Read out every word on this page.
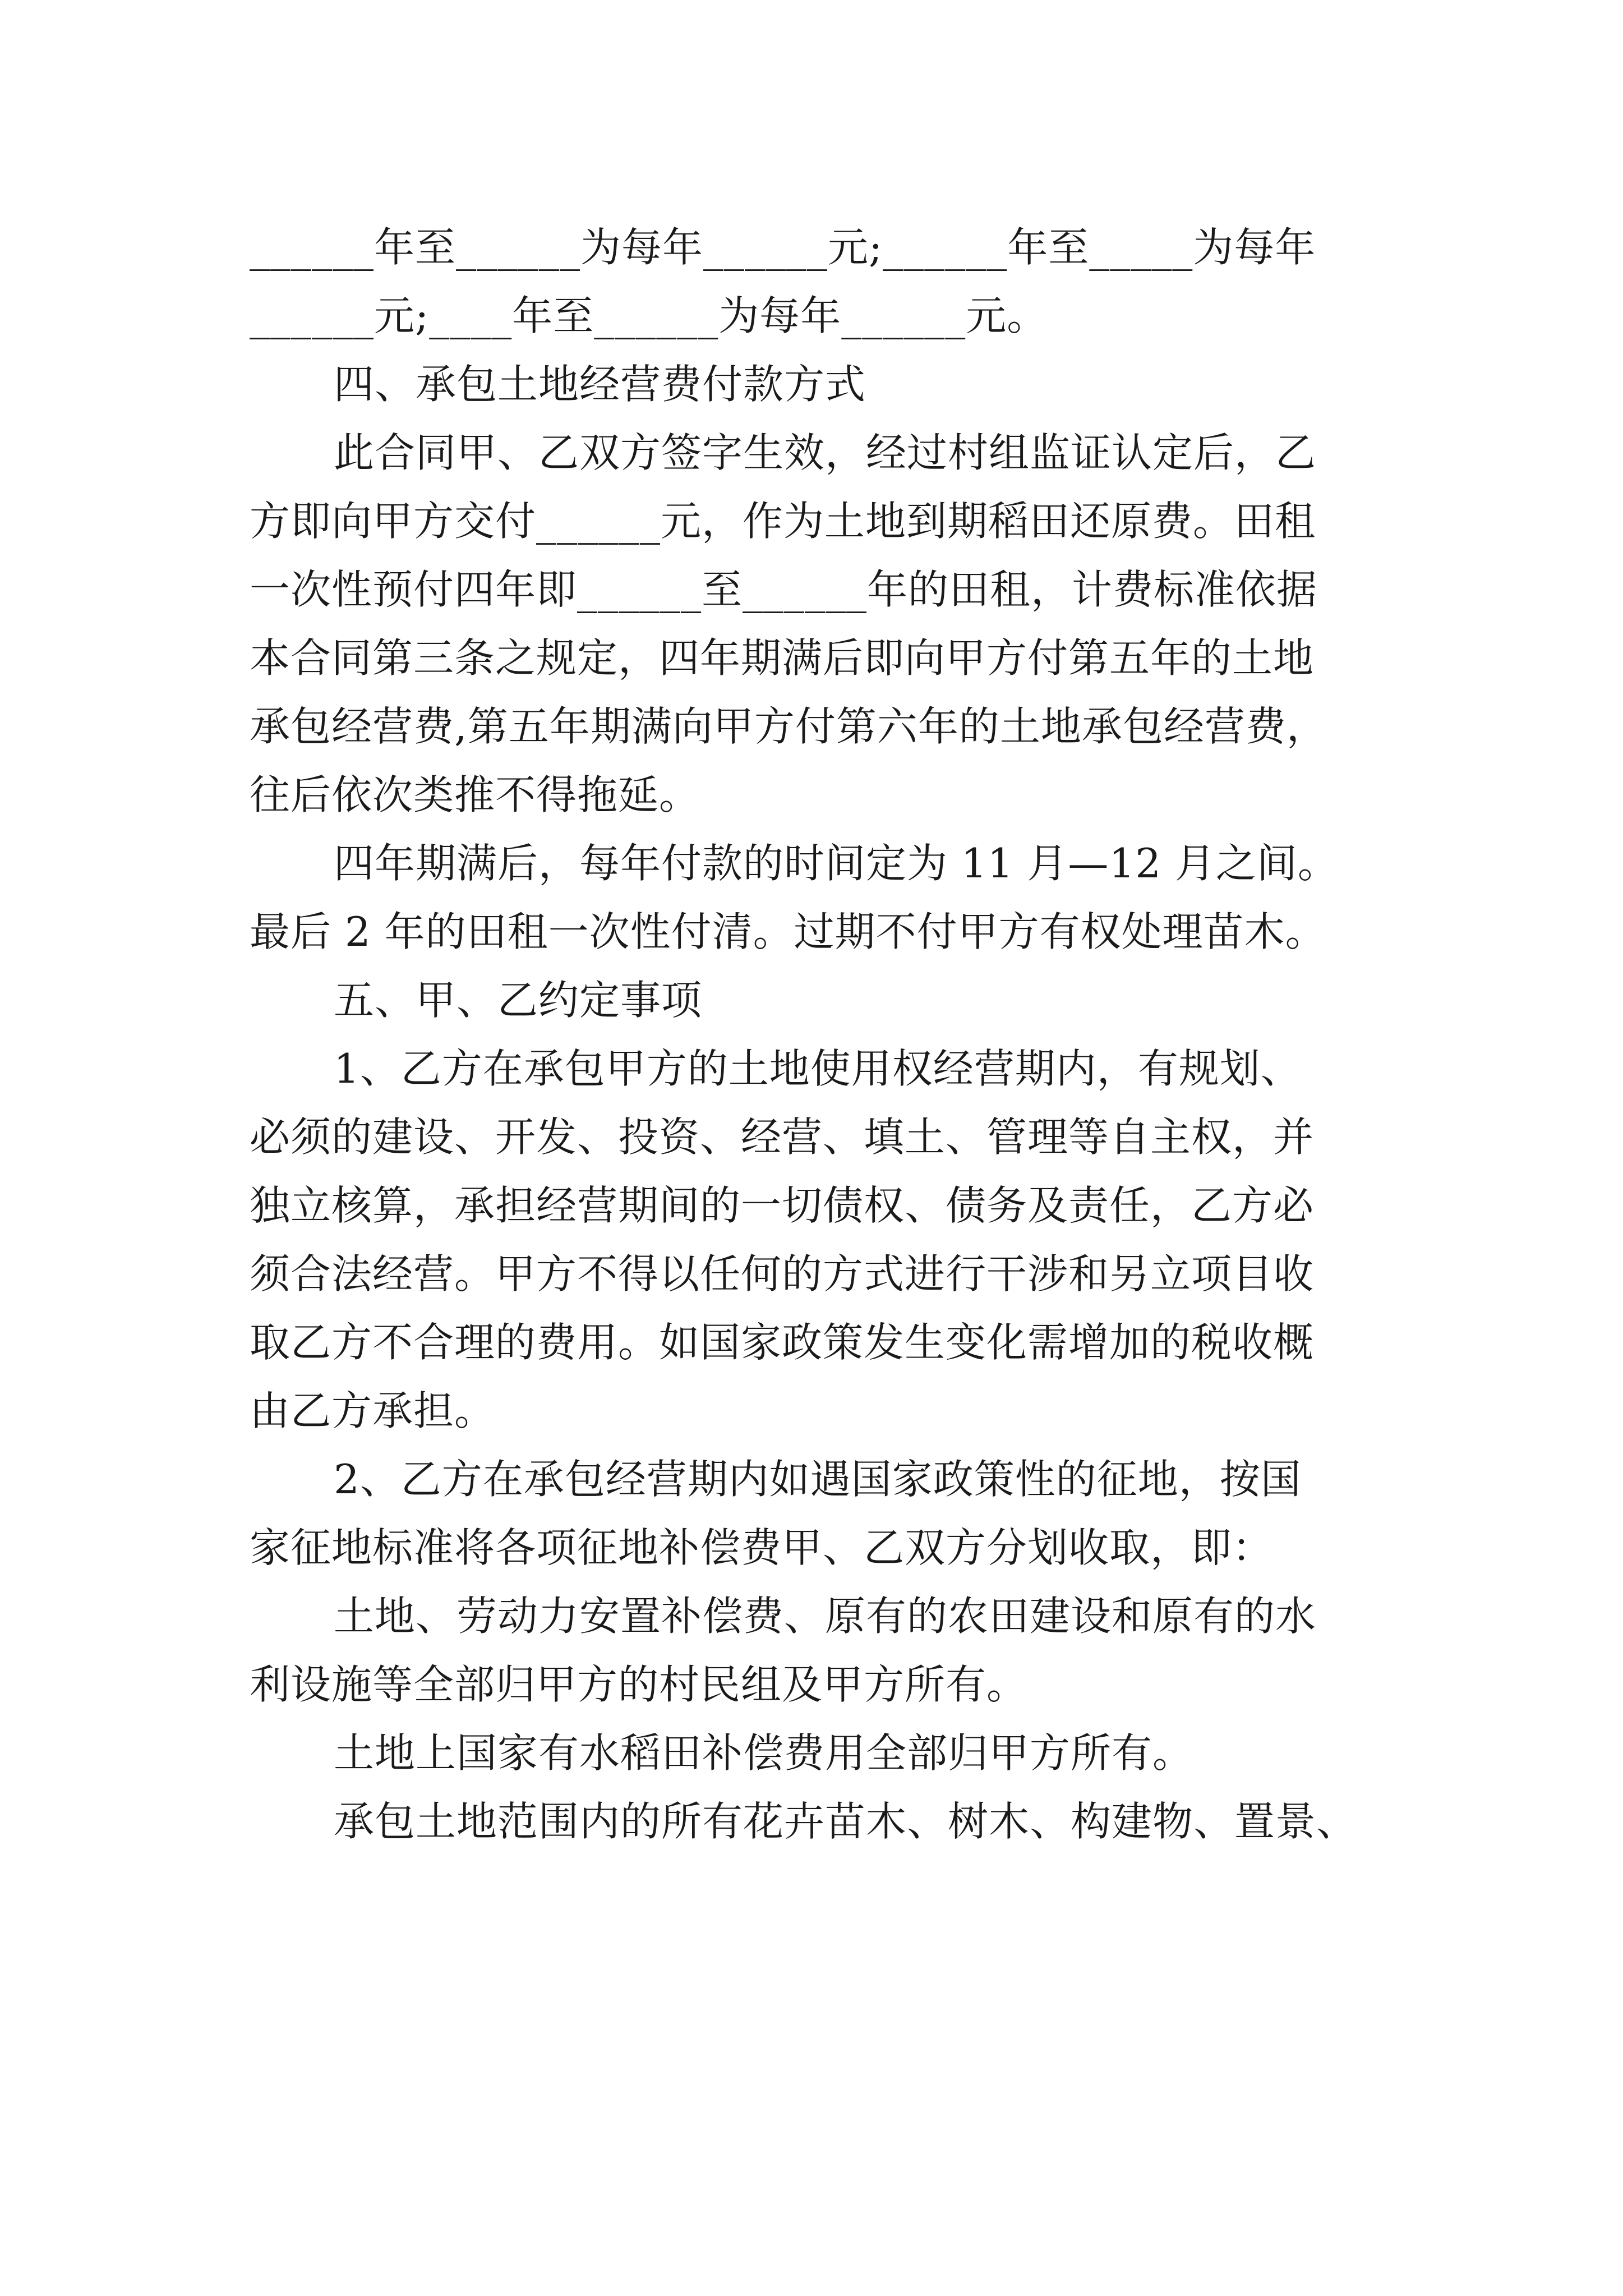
______年至______为每年______元;______年至_____为每年
______元;____年至______为每年______元。
四、承包土地经营费付款方式
此合同甲、乙双方签字生效，经过村组监证认定后，乙
方即向甲方交付______元，作为土地到期稻田还原费。田租
一次性预付四年即______至______年的田租，计费标准依据
本合同第三条之规定，四年期满后即向甲方付第五年的土地
承包经营费,第五年期满向甲方付第六年的土地承包经营费，
往后依次类推不得拖延。
四年期满后，每年付款的时间定为 11 月—12 月之间。
最后 2 年的田租一次性付清。过期不付甲方有权处理苗木。
五、甲、乙约定事项
1、乙方在承包甲方的土地使用权经营期内，有规划、
必须的建设、开发、投资、经营、填土、管理等自主权，并
独立核算，承担经营期间的一切债权、债务及责任，乙方必
须合法经营。甲方不得以任何的方式进行干涉和另立项目收
取乙方不合理的费用。如国家政策发生变化需增加的税收概
由乙方承担。
2、乙方在承包经营期内如遇国家政策性的征地，按国
家征地标准将各项征地补偿费甲、乙双方分划收取，即：
土地、劳动力安置补偿费、原有的农田建设和原有的水
利设施等全部归甲方的村民组及甲方所有。
土地上国家有水稻田补偿费用全部归甲方所有。
承包土地范围内的所有花卉苗木、树木、构建物、置景、
